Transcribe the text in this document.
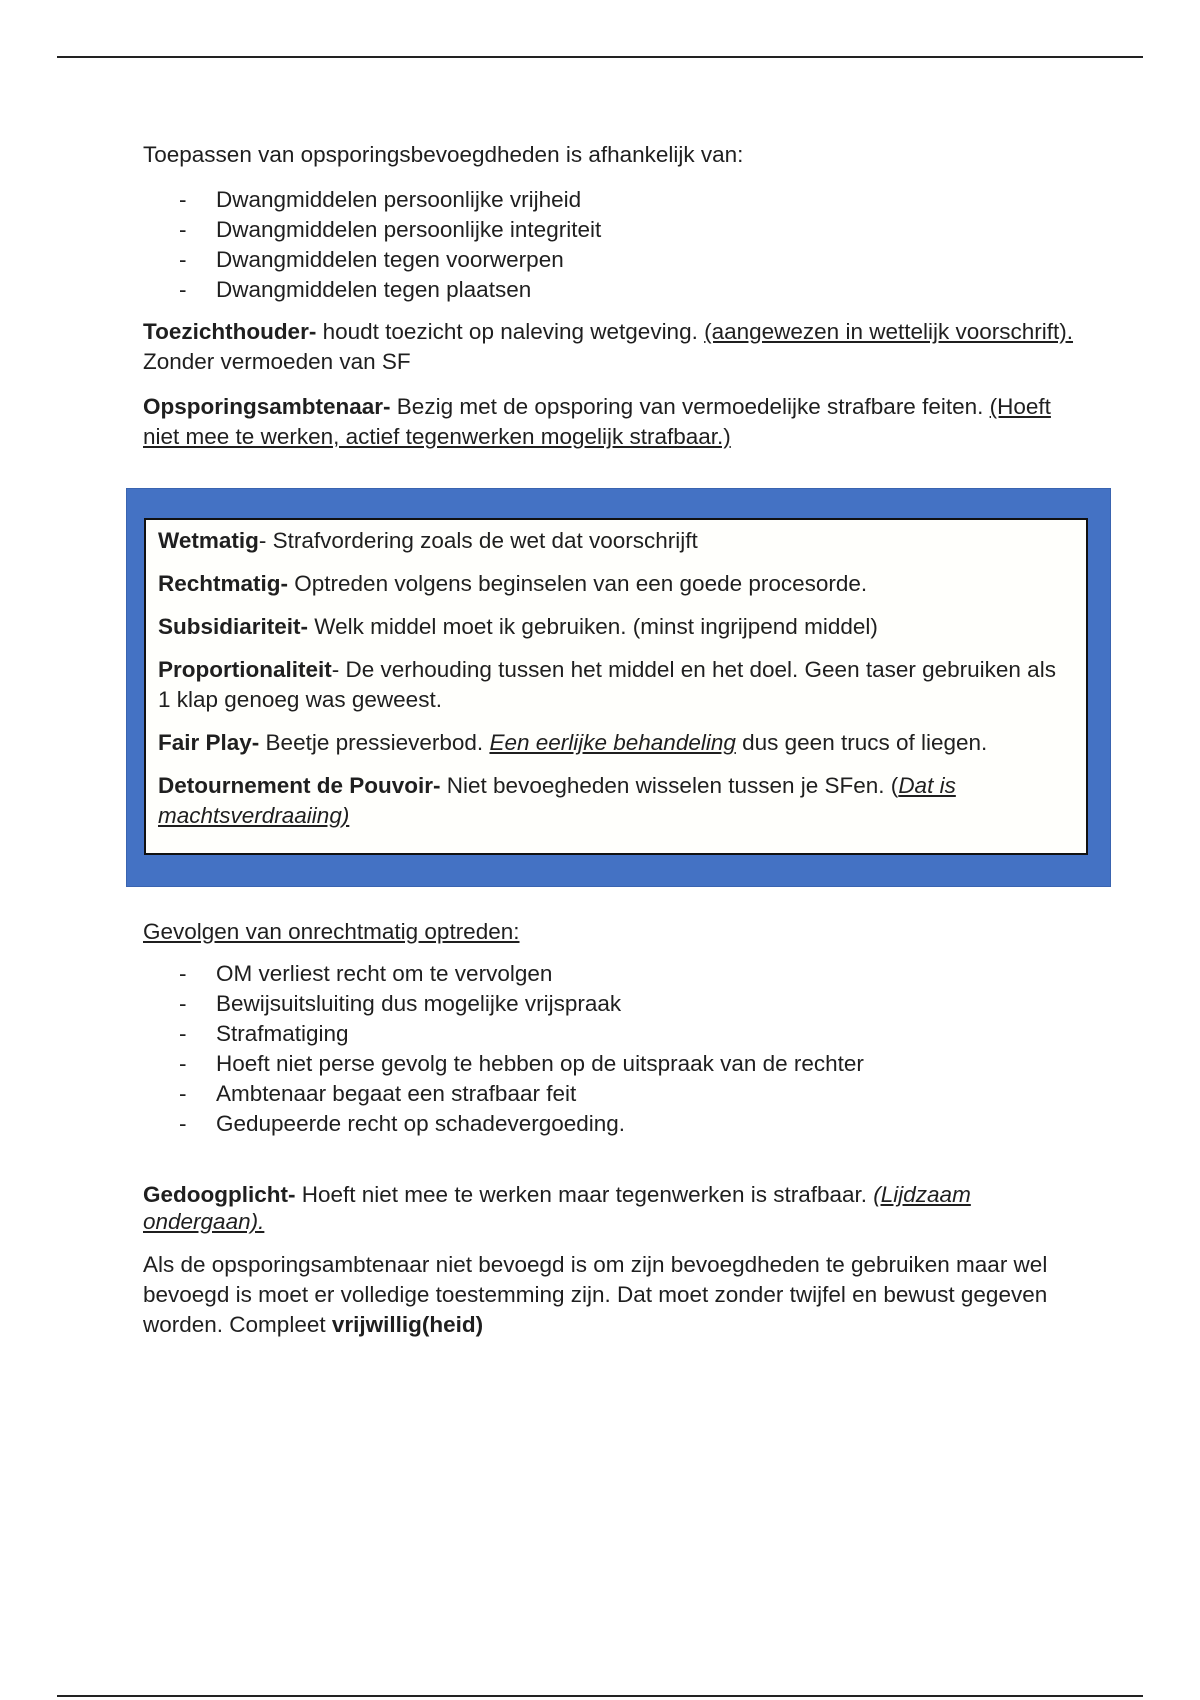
Toepassen van opsporingsbevoegdheden is afhankelijk van:

- Dwangmiddelen persoonlijke vrijheid
- Dwangmiddelen persoonlijke integriteit
- Dwangmiddelen tegen voorwerpen
- Dwangmiddelen tegen plaatsen

Toezichthouder- houdt toezicht op naleving wetgeving. (aangewezen in wettelijk voorschrift). Zonder vermoeden van SF

Opsporingsambtenaar- Bezig met de opsporing van vermoedelijke strafbare feiten. (Hoeft niet mee te werken, actief tegenwerken mogelijk strafbaar.)

Wetmatig- Strafvordering zoals de wet dat voorschrijft

Rechtmatig- Optreden volgens beginselen van een goede procesorde.

Subsidiariteit- Welk middel moet ik gebruiken. (minst ingrijpend middel)

Proportionaliteit- De verhouding tussen het middel en het doel. Geen taser gebruiken als 1 klap genoeg was geweest.

Fair Play- Beetje pressieverbod. Een eerlijke behandeling dus geen trucs of liegen.

Detournement de Pouvoir- Niet bevoegheden wisselen tussen je SFen. (Dat is machtsverdraaiing)

Gevolgen van onrechtmatig optreden:

- OM verliest recht om te vervolgen
- Bewijsuitsluiting dus mogelijke vrijspraak
- Strafmatiging
- Hoeft niet perse gevolg te hebben op de uitspraak van de rechter
- Ambtenaar begaat een strafbaar feit
- Gedupeerde recht op schadevergoeding.

Gedoogplicht- Hoeft niet mee te werken maar tegenwerken is strafbaar. (Lijdzaam ondergaan).

Als de opsporingsambtenaar niet bevoegd is om zijn bevoegdheden te gebruiken maar wel bevoegd is moet er volledige toestemming zijn. Dat moet zonder twijfel en bewust gegeven worden. Compleet vrijwillig(heid)
